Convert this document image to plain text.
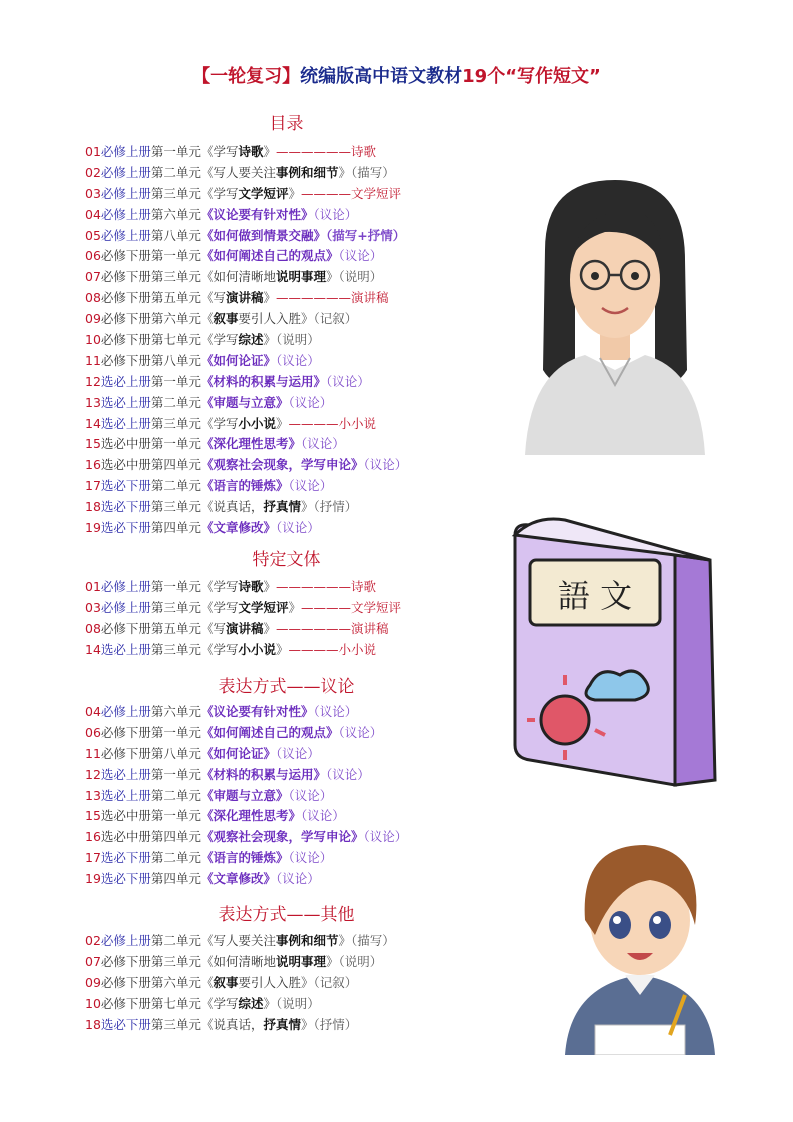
【一轮复习】统编版高中语文教材19个“写作短文”
目录
01必修上册第一单元《学写诗歌》——————诗歌
02必修上册第二单元《写人要关注事例和细节》（描写）
03必修上册第三单元《学写文学短评》————文学短评
04必修上册第六单元《议论要有针对性》（议论）
05必修上册第八单元《如何做到情景交融》（描写+抒情）
06必修下册第一单元《如何阐述自己的观点》（议论）
07必修下册第三单元《如何清晰地说明事理》（说明）
08必修下册第五单元《写演讲稿》——————演讲稿
09必修下册第六单元《叙事要引人入胜》（记叙）
10必修下册第七单元《学写综述》（说明）
11必修下册第八单元《如何论证》（议论）
12选必上册第一单元《材料的积累与运用》（议论）
13选必上册第二单元《审题与立意》（议论）
14选必上册第三单元《学写小小说》————小小说
15选必中册第一单元《深化理性思考》（议论）
16选必中册第四单元《观察社会现象，学写申论》（议论）
17选必下册第二单元《语言的锤炼》（议论）
18选必下册第三单元《说真话，抒真情》（抒情）
19选必下册第四单元《文章修改》（议论）
特定文体
01必修上册第一单元《学写诗歌》——————诗歌
03必修上册第三单元《学写文学短评》————文学短评
08必修下册第五单元《写演讲稿》——————演讲稿
14选必上册第三单元《学写小小说》————小小说
表达方式——议论
04必修上册第六单元《议论要有针对性》（议论）
06必修下册第一单元《如何阐述自己的观点》（议论）
11必修下册第八单元《如何论证》（议论）
12选必上册第一单元《材料的积累与运用》（议论）
13选必上册第二单元《审题与立意》（议论）
15选必中册第一单元《深化理性思考》（议论）
16选必中册第四单元《观察社会现象，学写申论》（议论）
17选必下册第二单元《语言的锤炼》（议论）
19选必下册第四单元《文章修改》（议论）
表达方式——其他
02必修上册第二单元《写人要关注事例和细节》（描写）
07必修下册第三单元《如何清晰地说明事理》（说明）
09必修下册第六单元《叙事要引人入胜》（记叙）
10必修下册第七单元《学写综述》（说明）
18选必下册第三单元《说真话，抒真情》（抒情）
語 文
